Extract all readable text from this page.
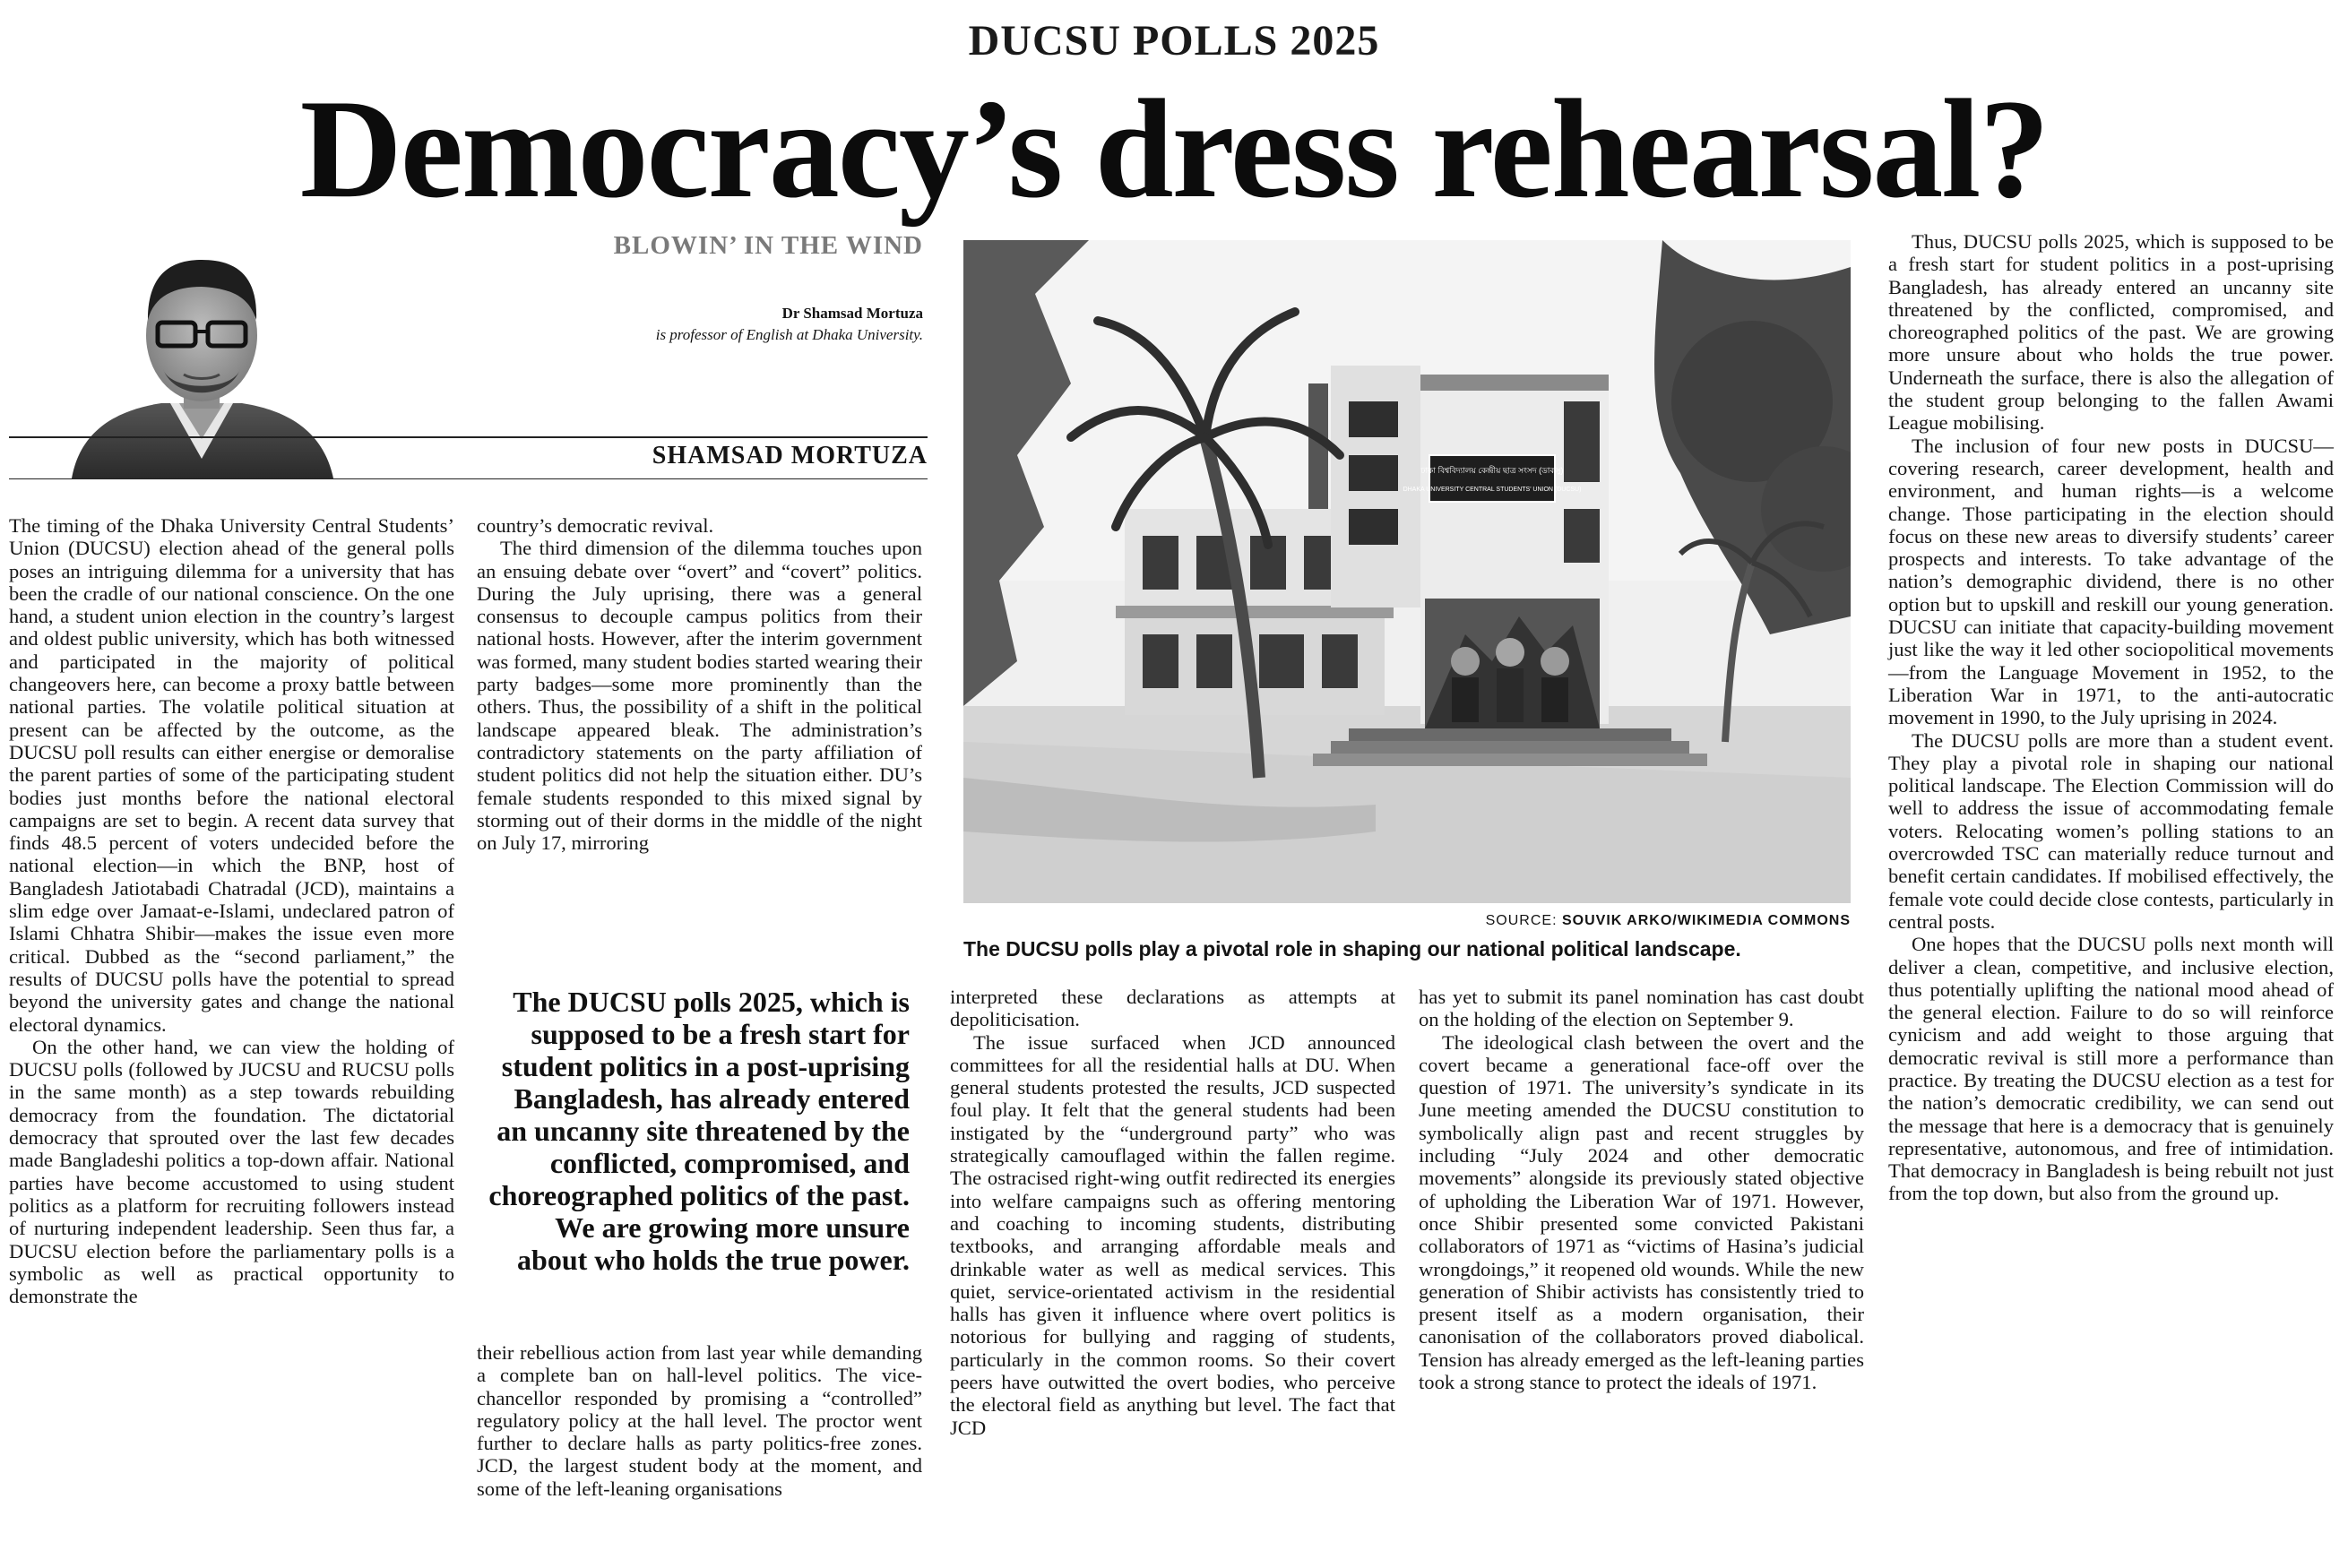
DUCSU POLLS 2025
Democracy’s dress rehearsal?
BLOWIN’ IN THE WIND
Dr Shamsad Mortuza
is professor of English at Dhaka University.
SHAMSAD MORTUZA

The timing of the Dhaka University Central Students’ Union (DUCSU) election ahead of the general polls poses an intriguing dilemma for a university that has been the cradle of our national conscience. On the one hand, a student union election in the country’s largest and oldest public university, which has both witnessed and participated in the majority of political changeovers here, can become a proxy battle between national parties. The volatile political situation at present can be affected by the outcome, as the DUCSU poll results can either energise or demoralise the parent parties of some of the participating student bodies just months before the national electoral campaigns are set to begin. A recent data survey that finds 48.5 percent of voters undecided before the national election—in which the BNP, host of Bangladesh Jatiotabadi Chatradal (JCD), maintains a slim edge over Jamaat-e-Islami, undeclared patron of Islami Chhatra Shibir—makes the issue even more critical. Dubbed as the “second parliament,” the results of DUCSU polls have the potential to spread beyond the university gates and change the national electoral dynamics.

On the other hand, we can view the holding of DUCSU polls (followed by JUCSU and RUCSU polls in the same month) as a step towards rebuilding democracy from the foundation. The dictatorial democracy that sprouted over the last few decades made Bangladeshi politics a top-down affair. National parties have become accustomed to using student politics as a platform for recruiting followers instead of nurturing independent leadership. Seen thus far, a DUCSU election before the parliamentary polls is a symbolic as well as practical opportunity to demonstrate the

country’s democratic revival.

The third dimension of the dilemma touches upon an ensuing debate over “overt” and “covert” politics. During the July uprising, there was a general consensus to decouple campus politics from their national hosts. However, after the interim government was formed, many student bodies started wearing their party badges—some more prominently than the others. Thus, the possibility of a shift in the political landscape appeared bleak. The administration’s contradictory statements on the party affiliation of student politics did not help the situation either. DU’s female students responded to this mixed signal by storming out of their dorms in the middle of the night on July 17, mirroring

The DUCSU polls 2025, which is supposed to be a fresh start for student politics in a post-uprising Bangladesh, has already entered an uncanny site threatened by the conflicted, compromised, and choreographed politics of the past. We are growing more unsure about who holds the true power.

their rebellious action from last year while demanding a complete ban on hall-level politics. The vice-chancellor responded by promising a “controlled” regulatory policy at the hall level. The proctor went further to declare halls as party politics-free zones. JCD, the largest student body at the moment, and some of the left-leaning organisations

ঢাকা বিশ্ববিদ্যালয় কেন্দ্রীয় ছাত্র সংসদ (ডাকসু)
DHAKA UNIVERSITY CENTRAL STUDENTS’ UNION (DUCSU)
SOURCE: SOUVIK ARKO/WIKIMEDIA COMMONS
The DUCSU polls play a pivotal role in shaping our national political landscape.

interpreted these declarations as attempts at depoliticisation.

The issue surfaced when JCD announced committees for all the residential halls at DU. When general students protested the results, JCD suspected foul play. It felt that the general students had been instigated by the “underground party” who was strategically camouflaged within the fallen regime. The ostracised right-wing outfit redirected its energies into welfare campaigns such as offering mentoring and coaching to incoming students, distributing textbooks, and arranging affordable meals and drinkable water as well as medical services. This quiet, service-orientated activism in the residential halls has given it influence where overt politics is notorious for bullying and ragging of students, particularly in the common rooms. So their covert peers have outwitted the overt bodies, who perceive the electoral field as anything but level. The fact that JCD

has yet to submit its panel nomination has cast doubt on the holding of the election on September 9.

The ideological clash between the overt and the covert became a generational face-off over the question of 1971. The university’s syndicate in its June meeting amended the DUCSU constitution to symbolically align past and recent struggles by including “July 2024 and other democratic movements” alongside its previously stated objective of upholding the Liberation War of 1971. However, once Shibir presented some convicted Pakistani collaborators of 1971 as “victims of Hasina’s judicial wrongdoings,” it reopened old wounds. While the new generation of Shibir activists has consistently tried to present itself as a modern organisation, their canonisation of the collaborators proved diabolical. Tension has already emerged as the left-leaning parties took a strong stance to protect the ideals of 1971.

Thus, DUCSU polls 2025, which is supposed to be a fresh start for student politics in a post-uprising Bangladesh, has already entered an uncanny site threatened by the conflicted, compromised, and choreographed politics of the past. We are growing more unsure about who holds the true power. Underneath the surface, there is also the allegation of the student group belonging to the fallen Awami League mobilising.

The inclusion of four new posts in DUCSU—covering research, career development, health and environment, and human rights—is a welcome change. Those participating in the election should focus on these new areas to diversify students’ career prospects and interests. To take advantage of the nation’s demographic dividend, there is no other option but to upskill and reskill our young generation. DUCSU can initiate that capacity-building movement just like the way it led other sociopolitical movements—from the Language Movement in 1952, to the Liberation War in 1971, to the anti-autocratic movement in 1990, to the July uprising in 2024.

The DUCSU polls are more than a student event. They play a pivotal role in shaping our national political landscape. The Election Commission will do well to address the issue of accommodating female voters. Relocating women’s polling stations to an overcrowded TSC can materially reduce turnout and benefit certain candidates. If mobilised effectively, the female vote could decide close contests, particularly in central posts.

One hopes that the DUCSU polls next month will deliver a clean, competitive, and inclusive election, thus potentially uplifting the national mood ahead of the general election. Failure to do so will reinforce cynicism and add weight to those arguing that democratic revival is still more a performance than practice. By treating the DUCSU election as a test for the nation’s democratic credibility, we can send out the message that here is a democracy that is genuinely representative, autonomous, and free of intimidation. That democracy in Bangladesh is being rebuilt not just from the top down, but also from the ground up.
